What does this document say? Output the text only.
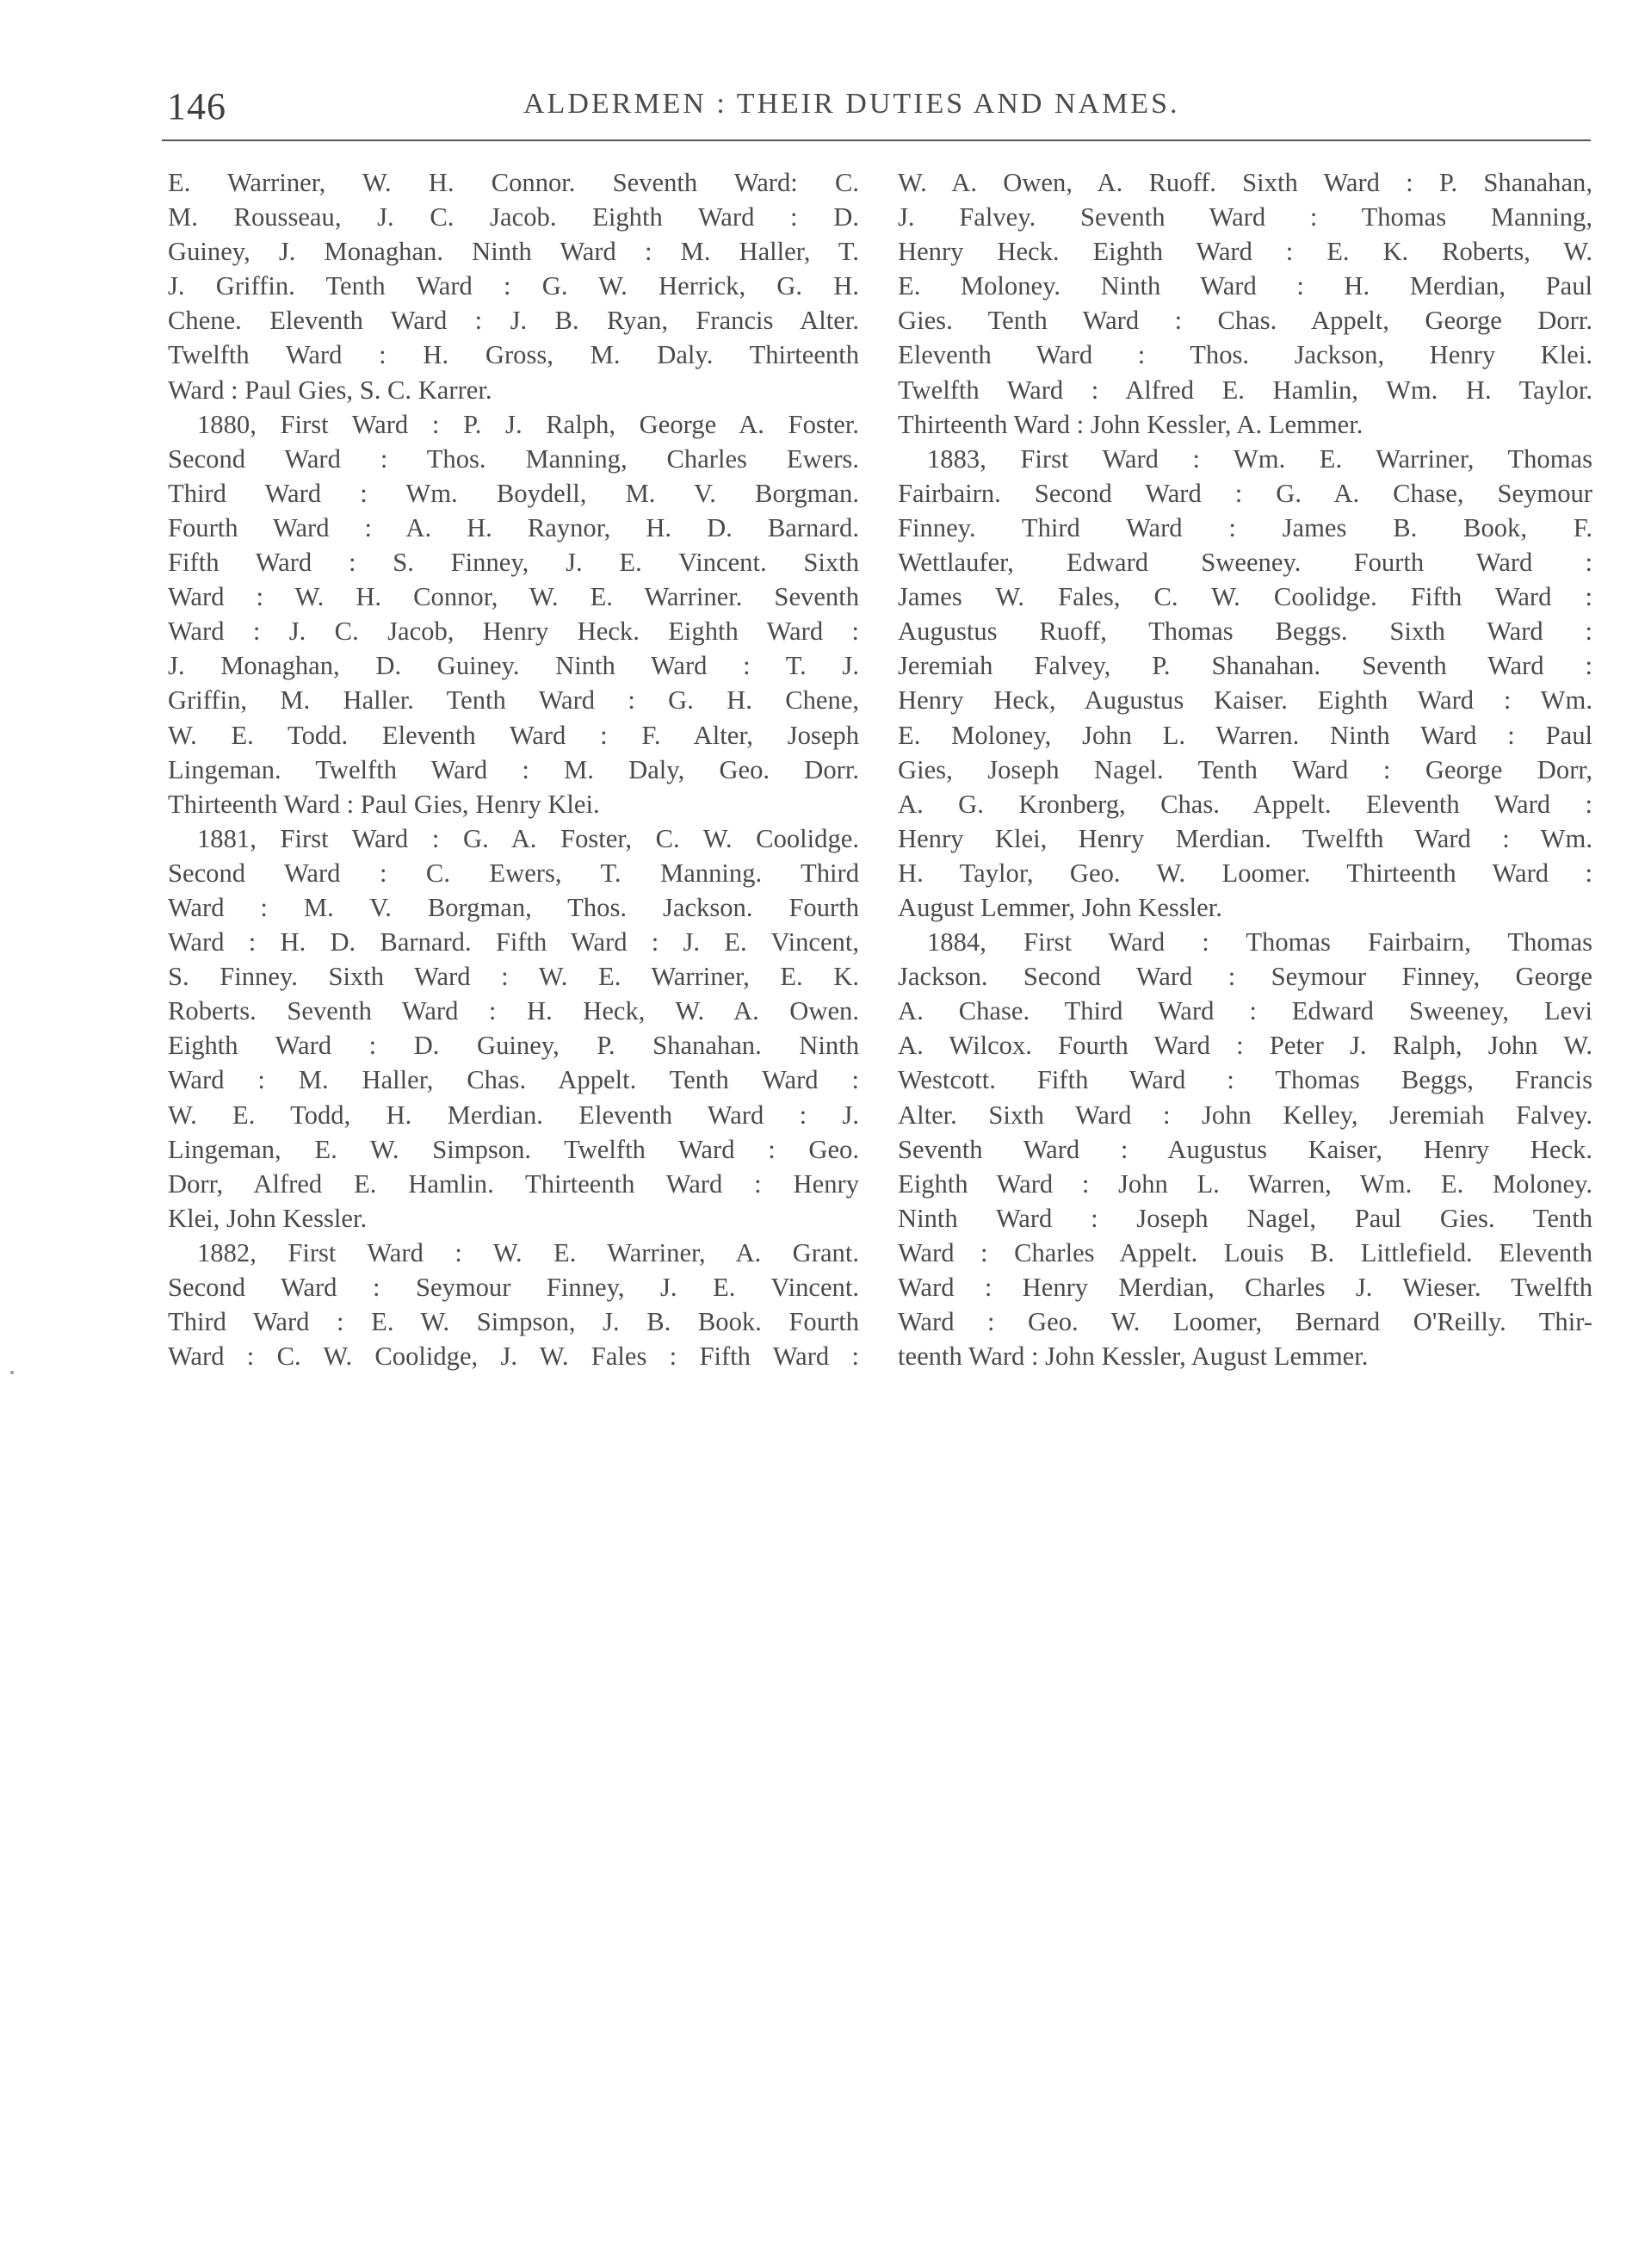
146	ALDERMEN : THEIR DUTIES AND NAMES.
E. Warriner, W. H. Connor. Seventh Ward: C.
M. Rousseau, J. C. Jacob. Eighth Ward : D.
Guiney, J. Monaghan. Ninth Ward : M. Haller, T.
J. Griffin. Tenth Ward : G. W. Herrick, G. H.
Chene. Eleventh Ward : J. B. Ryan, Francis Alter.
Twelfth Ward : H. Gross, M. Daly. Thirteenth
Ward : Paul Gies, S. C. Karrer.
1880, First Ward : P. J. Ralph, George A. Foster.
Second Ward : Thos. Manning, Charles Ewers.
Third Ward : Wm. Boydell, M. V. Borgman.
Fourth Ward : A. H. Raynor, H. D. Barnard.
Fifth Ward : S. Finney, J. E. Vincent. Sixth
Ward : W. H. Connor, W. E. Warriner. Seventh
Ward : J. C. Jacob, Henry Heck. Eighth Ward :
J. Monaghan, D. Guiney. Ninth Ward : T. J.
Griffin, M. Haller. Tenth Ward : G. H. Chene,
W. E. Todd. Eleventh Ward : F. Alter, Joseph
Lingeman. Twelfth Ward : M. Daly, Geo. Dorr.
Thirteenth Ward : Paul Gies, Henry Klei.
1881, First Ward : G. A. Foster, C. W. Coolidge.
Second Ward : C. Ewers, T. Manning. Third
Ward : M. V. Borgman, Thos. Jackson. Fourth
Ward : H. D. Barnard. Fifth Ward : J. E. Vincent,
S. Finney. Sixth Ward : W. E. Warriner, E. K.
Roberts. Seventh Ward : H. Heck, W. A. Owen.
Eighth Ward : D. Guiney, P. Shanahan. Ninth
Ward : M. Haller, Chas. Appelt. Tenth Ward :
W. E. Todd, H. Merdian. Eleventh Ward : J.
Lingeman, E. W. Simpson. Twelfth Ward : Geo.
Dorr, Alfred E. Hamlin. Thirteenth Ward : Henry
Klei, John Kessler.
1882, First Ward : W. E. Warriner, A. Grant.
Second Ward : Seymour Finney, J. E. Vincent.
Third Ward : E. W. Simpson, J. B. Book. Fourth
Ward : C. W. Coolidge, J. W. Fales : Fifth Ward :
W. A. Owen, A. Ruoff. Sixth Ward : P. Shanahan,
J. Falvey. Seventh Ward : Thomas Manning,
Henry Heck. Eighth Ward : E. K. Roberts, W.
E. Moloney. Ninth Ward : H. Merdian, Paul
Gies. Tenth Ward : Chas. Appelt, George Dorr.
Eleventh Ward : Thos. Jackson, Henry Klei.
Twelfth Ward : Alfred E. Hamlin, Wm. H. Taylor.
Thirteenth Ward : John Kessler, A. Lemmer.
1883, First Ward : Wm. E. Warriner, Thomas
Fairbairn. Second Ward : G. A. Chase, Seymour
Finney. Third Ward : James B. Book, F.
Wettlaufer, Edward Sweeney. Fourth Ward :
James W. Fales, C. W. Coolidge. Fifth Ward :
Augustus Ruoff, Thomas Beggs. Sixth Ward :
Jeremiah Falvey, P. Shanahan. Seventh Ward :
Henry Heck, Augustus Kaiser. Eighth Ward : Wm.
E. Moloney, John L. Warren. Ninth Ward : Paul
Gies, Joseph Nagel. Tenth Ward : George Dorr,
A. G. Kronberg, Chas. Appelt. Eleventh Ward :
Henry Klei, Henry Merdian. Twelfth Ward : Wm.
H. Taylor, Geo. W. Loomer. Thirteenth Ward :
August Lemmer, John Kessler.
1884, First Ward : Thomas Fairbairn, Thomas
Jackson. Second Ward : Seymour Finney, George
A. Chase. Third Ward : Edward Sweeney, Levi
A. Wilcox. Fourth Ward : Peter J. Ralph, John W.
Westcott. Fifth Ward : Thomas Beggs, Francis
Alter. Sixth Ward : John Kelley, Jeremiah Falvey.
Seventh Ward : Augustus Kaiser, Henry Heck.
Eighth Ward : John L. Warren, Wm. E. Moloney.
Ninth Ward : Joseph Nagel, Paul Gies. Tenth
Ward : Charles Appelt. Louis B. Littlefield. Eleventh
Ward : Henry Merdian, Charles J. Wieser. Twelfth
Ward : Geo. W. Loomer, Bernard O'Reilly. Thir-
teenth Ward : John Kessler, August Lemmer.
